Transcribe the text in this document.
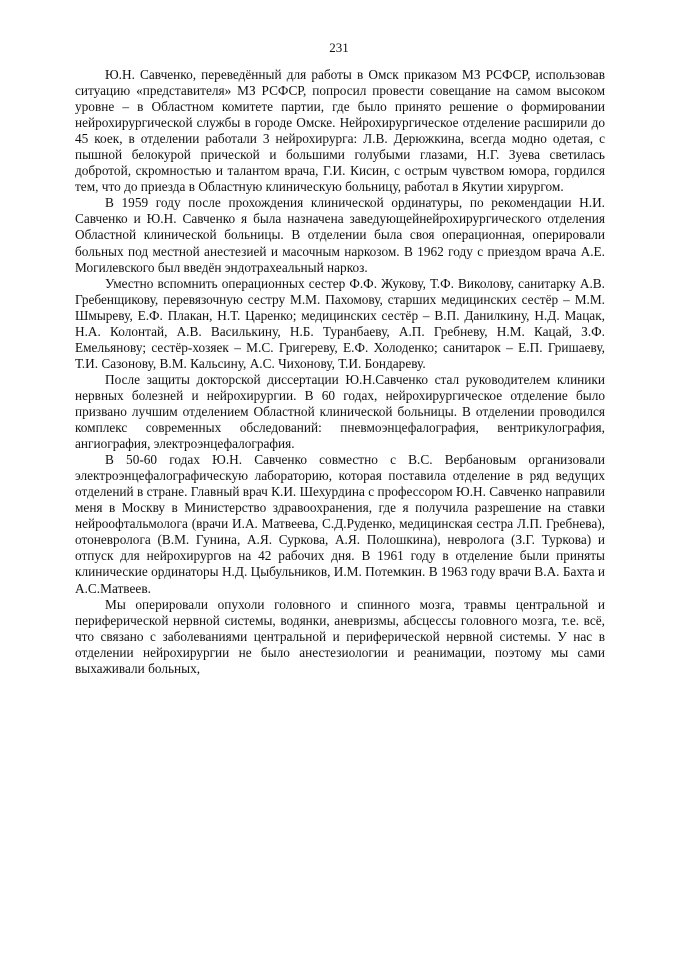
231

Ю.Н. Савченко, переведённый для работы в Омск приказом МЗ РСФСР, использовав ситуацию «представителя» МЗ РСФСР, попросил провести совещание на самом высоком уровне – в Областном комитете партии, где было принято решение о формировании нейрохирургической службы в городе Омске. Нейрохирургическое отделение расширили до 45 коек, в отделении работали 3 нейрохирурга: Л.В. Дерюжкина, всегда модно одетая, с пышной белокурой прической и большими голубыми глазами, Н.Г. Зуева светилась добротой, скромностью и талантом врача, Г.И. Кисин, с острым чувством юмора, гордился тем, что до приезда в Областную клиническую больницу, работал в Якутии хирургом.

В 1959 году после прохождения клинической ординатуры, по рекомендации Н.И. Савченко и Ю.Н. Савченко я была назначена заведующейнейрохирургического отделения Областной клинической больницы. В отделении была своя операционная, оперировали больных под местной анестезией и масочным наркозом. В 1962 году с приездом врача А.Е. Могилевского был введён эндотрахеальный наркоз.

Уместно вспомнить операционных сестер Ф.Ф. Жукову, Т.Ф. Виколову, санитарку А.В. Гребенщикову, перевязочную сестру М.М. Пахомову, старших медицинских сестёр – М.М. Шмыреву, Е.Ф. Плакан, Н.Т. Царенко; медицинских сестёр – В.П. Данилкину, Н.Д. Мацак, Н.А. Колонтай, А.В. Василькину, Н.Б. Туранбаеву, А.П. Гребневу, Н.М. Кацай, З.Ф. Емельянову; сестёр-хозяек – М.С. Григереву, Е.Ф. Холоденко; санитарок – Е.П. Гришаеву, Т.И. Сазонову, В.М. Кальсину, А.С. Чихонову, Т.И. Бондареву.

После защиты докторской диссертации Ю.Н.Савченко стал руководителем клиники нервных болезней и нейрохирургии. В 60 годах, нейрохирургическое отделение было призвано лучшим отделением Областной клинической больницы. В отделении проводился комплекс современных обследований: пневмоэнцефалография, вентрикулография, ангиография, электроэнцефалография.

В 50-60 годах Ю.Н. Савченко совместно с В.С. Вербановым организовали электроэнцефалографическую лабораторию, которая поставила отделение в ряд ведущих отделений в стране. Главный врач К.И. Шехурдина с профессором Ю.Н. Савченко направили меня в Москву в Министерство здравоохранения, где я получила разрешение на ставки нейроофтальмолога (врачи И.А. Матвеева, С.Д.Руденко, медицинская сестра Л.П. Гребнева), отоневролога (В.М. Гунина, А.Я. Суркова, А.Я. Полошкина), невролога (З.Г. Туркова) и отпуск для нейрохирургов на 42 рабочих дня. В 1961 году в отделение были приняты клинические ординаторы Н.Д. Цыбульников, И.М. Потемкин. В 1963 году врачи В.А. Бахта и А.С.Матвеев.

Мы оперировали опухоли головного и спинного мозга, травмы центральной и периферической нервной системы, водянки, аневризмы, абсцессы головного мозга, т.е. всё, что связано с заболеваниями центральной и периферической нервной системы. У нас в отделении нейрохирургии не было анестезиологии и реанимации, поэтому мы сами выхаживали больных,
